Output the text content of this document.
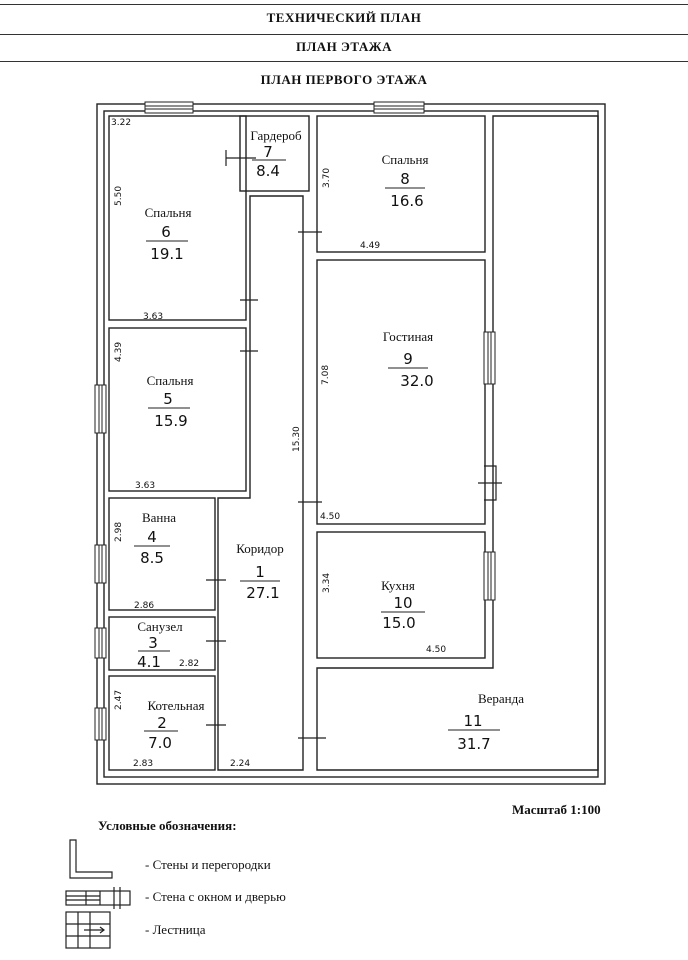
ТЕХНИЧЕСКИЙ ПЛАН
ПЛАН ЭТАЖА
ПЛАН ПЕРВОГО ЭТАЖА
Гардероб
7
8.4
Спальня
8
16.6
Спальня
6
19.1
Гостиная
9
32.0
Спальня
5
15.9
Ванна
4
8.5
Коридор
1
27.1	Кухня
10
15.0
Санузел
3
4.1
Веранда
11
31.7
Котельная
2
7.0
3.22
5.50
3.63
4.39
3.63
2.98
2.86
2.82
2.47
2.83	2.24
15.30
3.70
4.49
7.08
4.50
3.34
4.50
Масштаб 1:100
Условные обозначения:
- Стены и перегородки
- Стена с окном и дверью
- Лестница
